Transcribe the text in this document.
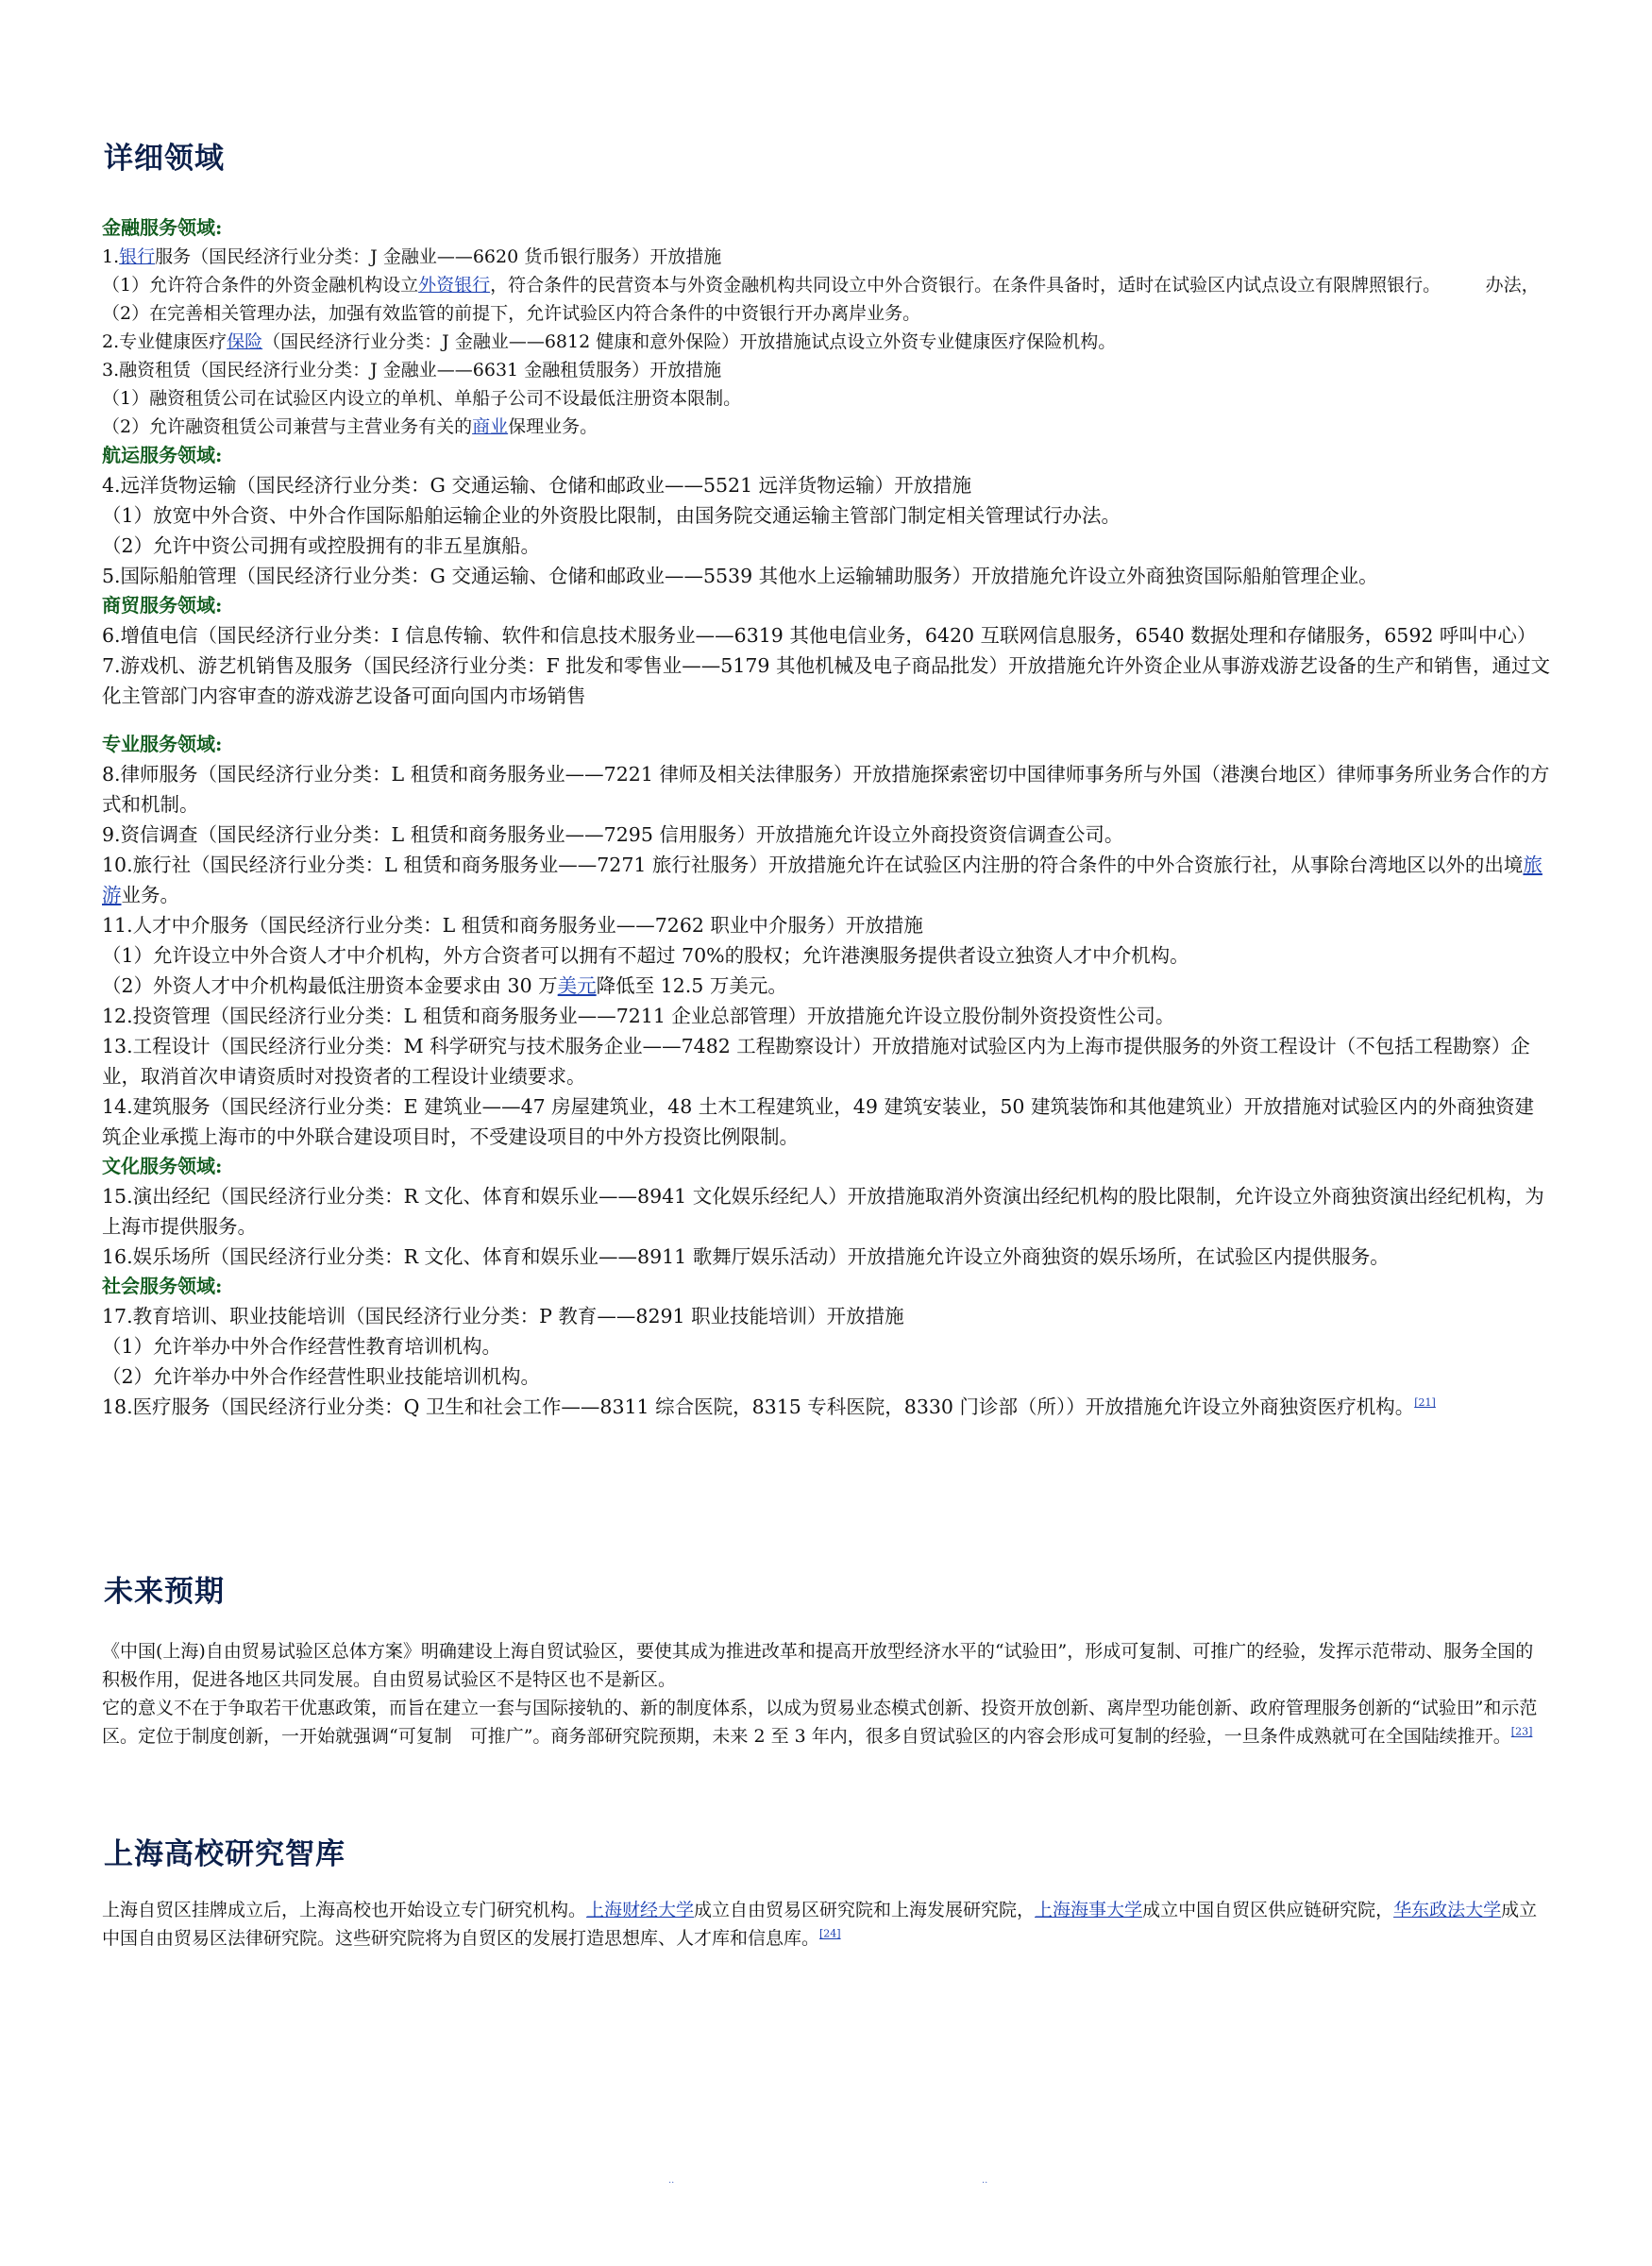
详细领域

金融服务领域:

1.银行服务（国民经济行业分类：J 金融业——6620 货币银行服务）开放措施

（1）允许符合条件的外资金融机构设立外资银行，符合条件的民营资本与外资金融机构共同设立中外合资银行。在条件具备时，适时在试验区内试点设立有限牌照银行。　　　办法，

（2）在完善相关管理办法，加强有效监管的前提下，允许试验区内符合条件的中资银行开办离岸业务。

2.专业健康医疗保险（国民经济行业分类：J 金融业——6812 健康和意外保险）开放措施试点设立外资专业健康医疗保险机构。

3.融资租赁（国民经济行业分类：J 金融业——6631 金融租赁服务）开放措施

（1）融资租赁公司在试验区内设立的单机、单船子公司不设最低注册资本限制。

（2）允许融资租赁公司兼营与主营业务有关的商业保理业务。

航运服务领域:

4.远洋货物运输（国民经济行业分类：G 交通运输、仓储和邮政业——5521 远洋货物运输）开放措施

（1）放宽中外合资、中外合作国际船舶运输企业的外资股比限制，由国务院交通运输主管部门制定相关管理试行办法。

（2）允许中资公司拥有或控股拥有的非五星旗船。

5.国际船舶管理（国民经济行业分类：G 交通运输、仓储和邮政业——5539 其他水上运输辅助服务）开放措施允许设立外商独资国际船舶管理企业。

商贸服务领域:

6.增值电信（国民经济行业分类：I 信息传输、软件和信息技术服务业——6319 其他电信业务，6420 互联网信息服务，6540 数据处理和存储服务，6592 呼叫中心）7.游戏机、游艺机销售及服务（国民经济行业分类：F 批发和零售业——5179 其他机械及电子商品批发）开放措施允许外资企业从事游戏游艺设备的生产和销售，通过文化主管部门内容审查的游戏游艺设备可面向国内市场销售

专业服务领域:

8.律师服务（国民经济行业分类：L 租赁和商务服务业——7221 律师及相关法律服务）开放措施探索密切中国律师事务所与外国（港澳台地区）律师事务所业务合作的方式和机制。

9.资信调查（国民经济行业分类：L 租赁和商务服务业——7295 信用服务）开放措施允许设立外商投资资信调查公司。

10.旅行社（国民经济行业分类：L 租赁和商务服务业——7271 旅行社服务）开放措施允许在试验区内注册的符合条件的中外合资旅行社，从事除台湾地区以外的出境旅游业务。

11.人才中介服务（国民经济行业分类：L 租赁和商务服务业——7262 职业中介服务）开放措施

（1）允许设立中外合资人才中介机构，外方合资者可以拥有不超过 70%的股权；允许港澳服务提供者设立独资人才中介机构。

（2）外资人才中介机构最低注册资本金要求由 30 万美元降低至 12.5 万美元。

12.投资管理（国民经济行业分类：L 租赁和商务服务业——7211 企业总部管理）开放措施允许设立股份制外资投资性公司。

13.工程设计（国民经济行业分类：M 科学研究与技术服务企业——7482 工程勘察设计）开放措施对试验区内为上海市提供服务的外资工程设计（不包括工程勘察）企业，取消首次申请资质时对投资者的工程设计业绩要求。

14.建筑服务（国民经济行业分类：E 建筑业——47 房屋建筑业，48 土木工程建筑业，49 建筑安装业，50 建筑装饰和其他建筑业）开放措施对试验区内的外商独资建筑企业承揽上海市的中外联合建设项目时，不受建设项目的中外方投资比例限制。

文化服务领域:

15.演出经纪（国民经济行业分类：R 文化、体育和娱乐业——8941 文化娱乐经纪人）开放措施取消外资演出经纪机构的股比限制，允许设立外商独资演出经纪机构，为上海市提供服务。

16.娱乐场所（国民经济行业分类：R 文化、体育和娱乐业——8911 歌舞厅娱乐活动）开放措施允许设立外商独资的娱乐场所，在试验区内提供服务。

社会服务领域:

17.教育培训、职业技能培训（国民经济行业分类：P 教育——8291 职业技能培训）开放措施

（1）允许举办中外合作经营性教育培训机构。

（2）允许举办中外合作经营性职业技能培训机构。

18.医疗服务（国民经济行业分类：Q 卫生和社会工作——8311 综合医院，8315 专科医院，8330 门诊部（所））开放措施允许设立外商独资医疗机构。[21]

未来预期

《中国(上海)自由贸易试验区总体方案》明确建设上海自贸试验区，要使其成为推进改革和提高开放型经济水平的“试验田”，形成可复制、可推广的经验，发挥示范带动、服务全国的积极作用，促进各地区共同发展。自由贸易试验区不是特区也不是新区。

它的意义不在于争取若干优惠政策，而旨在建立一套与国际接轨的、新的制度体系，以成为贸易业态模式创新、投资开放创新、离岸型功能创新、政府管理服务创新的“试验田”和示范区。定位于制度创新，一开始就强调“可复制　可推广”。商务部研究院预期，未来 2 至 3 年内，很多自贸试验区的内容会形成可复制的经验，一旦条件成熟就可在全国陆续推开。[23]

上海高校研究智库

上海自贸区挂牌成立后，上海高校也开始设立专门研究机构。上海财经大学成立自由贸易区研究院和上海发展研究院，上海海事大学成立中国自贸区供应链研究院，华东政法大学成立中国自由贸易区法律研究院。这些研究院将为自贸区的发展打造思想库、人才库和信息库。[24]

··	··
